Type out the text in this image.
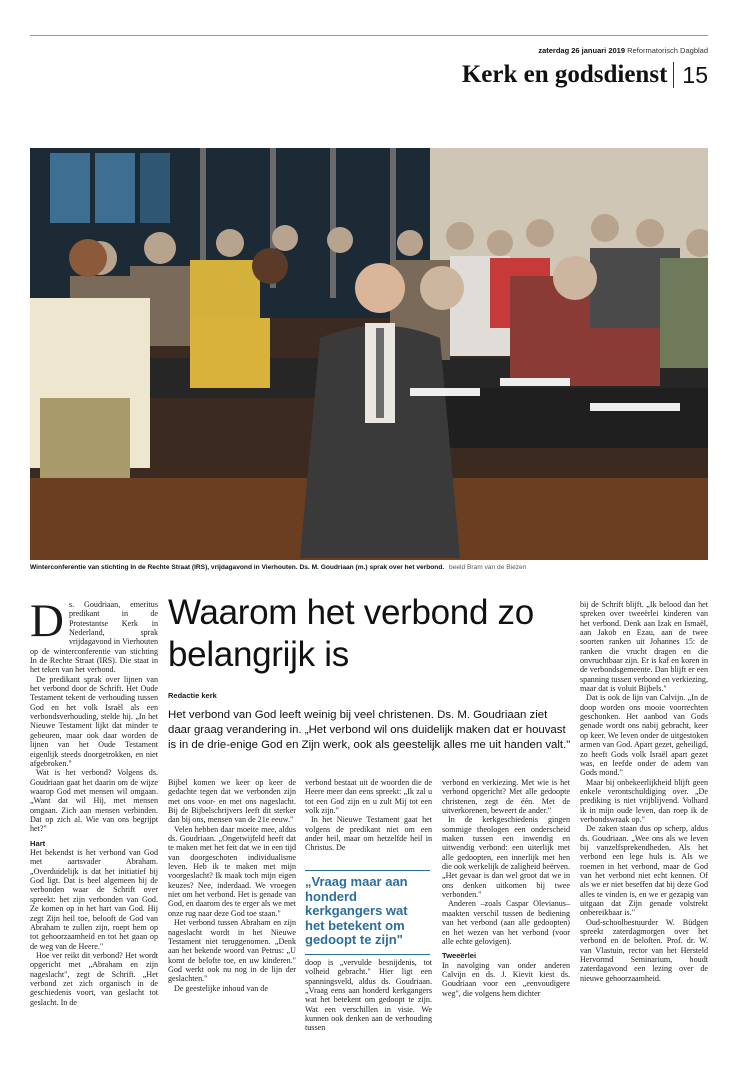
zaterdag 26 januari 2019 Reformatorisch Dagblad
Kerk en godsdienst 15
Winterconferentie van stichting In de Rechte Straat (IRS), vrijdagavond in Vierhouten. Ds. M. Goudriaan (m.) sprak over het verbond. beeld Bram van de Biezen

Ds. Goudriaan, emeritus predikant in de Protestantse Kerk in Nederland, sprak vrijdagavond in Vierhouten op de winterconferentie van stichting In de Rechte Straat (IRS). Die staat in het teken van het verbond.

De predikant sprak over lijnen van het verbond door de Schrift. Het Oude Testament tekent de verhouding tussen God en het volk Israël als een verbondsverhouding, stelde hij. „In het Nieuwe Testament lijkt dat minder te gebeuren, maar ook daar worden de lijnen van het Oude Testament eigenlijk steeds doorgetrokken, en niet afgebroken."

Wat is het verbond? Volgens ds. Goudriaan gaat het daarin om de wijze waarop God met mensen wil omgaan. „Want dat wil Hij, met mensen omgaan. Zich aan mensen verbinden. Dat op zich al. Wie van ons begrijpt het?"

Hart

Het bekendst is het verbond van God met aartsvader Abraham. „Overduidelijk is dat het initiatief bij God ligt. Dat is heel algemeen bij de verbonden waar de Schrift over spreekt: het zijn verbonden van God. Ze komen op in het hart van God. Hij zegt Zijn heil toe, belooft de God van Abraham te zullen zijn, roept hem op tot gehoorzaamheid en tot het gaan op de weg van de Heere."

Hoe ver reikt dit verbond? Het wordt opgericht met „Abraham en zijn nageslacht", zegt de Schrift. „Het verbond zet zich organisch in de geschiedenis voort, van geslacht tot geslacht. In de

Waarom het verbond zo belangrijk is
Redactie kerk
Het verbond van God leeft weinig bij veel christenen. Ds. M. Goudriaan ziet daar graag verandering in. „Het verbond wil ons duidelijk maken dat er houvast is in de drie-enige God en Zijn werk, ook als geestelijk alles me uit handen valt."

Bijbel komen we keer op keer de gedachte tegen dat we verbonden zijn met ons voor- en met ons nageslacht. Bij de Bijbelschrijvers leeft dit sterker dan bij ons, mensen van de 21e eeuw."

Velen hebben daar moeite mee, aldus ds. Goudriaan. „Ongetwijfeld heeft dat te maken met het feit dat we in een tijd van doorgeschoten individualisme leven. Heb ik te maken met mijn voorgeslacht? Ik maak toch mijn eigen keuzes? Nee, inderdaad. We vroegen niet om het verbond. Het is genade van God, en daarom des te erger als we met onze rug naar deze God toe staan."

Het verbond tussen Abraham en zijn nageslacht wordt in het Nieuwe Testament niet teruggenomen. „Denk aan het bekende woord van Petrus: „U komt de belofte toe, en uw kinderen." God werkt ook nu nog in de lijn der geslachten."

De geestelijke inhoud van de

verbond bestaat uit de woorden die de Heere meer dan eens spreekt: „Ik zal u tot een God zijn en u zult Mij tot een volk zijn."

In het Nieuwe Testament gaat het volgens de predikant niet om een ander heil, maar om hetzelfde heil in Christus. De

„Vraag maar aan honderd kerkgangers wat het betekent om gedoopt te zijn"

doop is „vervulde besnijdenis, tot volheid gebracht." Hier ligt een spanningsveld, aldus ds. Goudriaan. „Vraag eens aan honderd kerkgangers wat het betekent om gedoopt te zijn. Wat een verschillen in visie. We kunnen ook denken aan de verhouding tussen

verbond en verkiezing. Met wie is het verbond opgericht? Met alle gedoopte christenen, zegt de één. Met de uitverkorenen, beweert de ander."

In de kerkgeschiedenis gingen sommige theologen een onderscheid maken tussen een inwendig en uitwendig verbond: een uiterlijk met alle gedoopten, een innerlijk met hen die ook werkelijk de zaligheid beërven. „Het gevaar is dan wel groot dat we in ons denken uitkomen bij twee verbonden."

Anderen –zoals Caspar Olevianus– maakten verschil tussen de bediening van het verbond (aan alle gedoopten) en het wezen van het verbond (voor alle echte gelovigen).

Tweeërlei

In navolging van onder anderen Calvijn en ds. J. Kievit kiest ds. Goudriaan voor een „eenvoudigere weg", die volgens hem dichter

bij de Schrift blijft. „Ik belood dan het spreken over tweeërlei kinderen van het verbond. Denk aan Izak en Ismaël, aan Jakob en Ezau, aan de twee soorten ranken uit Johannes 15: de ranken die vrucht dragen en die onvruchtbaar zijn. Er is kaf en koren in de verbondsgemeente. Dan blijft er een spanning tussen verbond en verkiezing, maar dat is voluit Bijbels."

Dat is ook de lijn van Calvijn. „In de doop worden ons mooie voorrechten geschonken. Het aanbod van Gods genade wordt ons nabij gebracht, keer op keer. We leven onder de uitgestoken armen van God. Apart gezet, geheiligd, zo heeft Gods volk Israël apart gezet was, en leefde onder de adem van Gods mond."

Maar bij onbekeerlijkheid blijft geen enkele verontschuldiging over. „De prediking is niet vrijblijvend. Volhard ik in mijn oude leven, dan roep ik de verbondswraak op."

De zaken staan dus op scherp, aldus ds. Goudriaan. „Wee ons als we leven bij vanzelfsprekendheden. Als het verbond een lege huls is. Als we roemen in het verbond, maar de God van het verbond niet echt kennen. Of als we er niet beseffen dat bij deze God alles te vinden is, en we er gezapig van uitgaan dat Zijn genade volstrekt onbereikbaar is."

Oud-schoolbestuurder W. Büdgen spreekt zaterdagmorgen over het verbond en de beloften. Prof. dr. W. van Vlastuin, rector van het Hersteld Hervormd Seminarium, houdt zaterdagavond een lezing over de nieuwe gehoorzaamheid.
